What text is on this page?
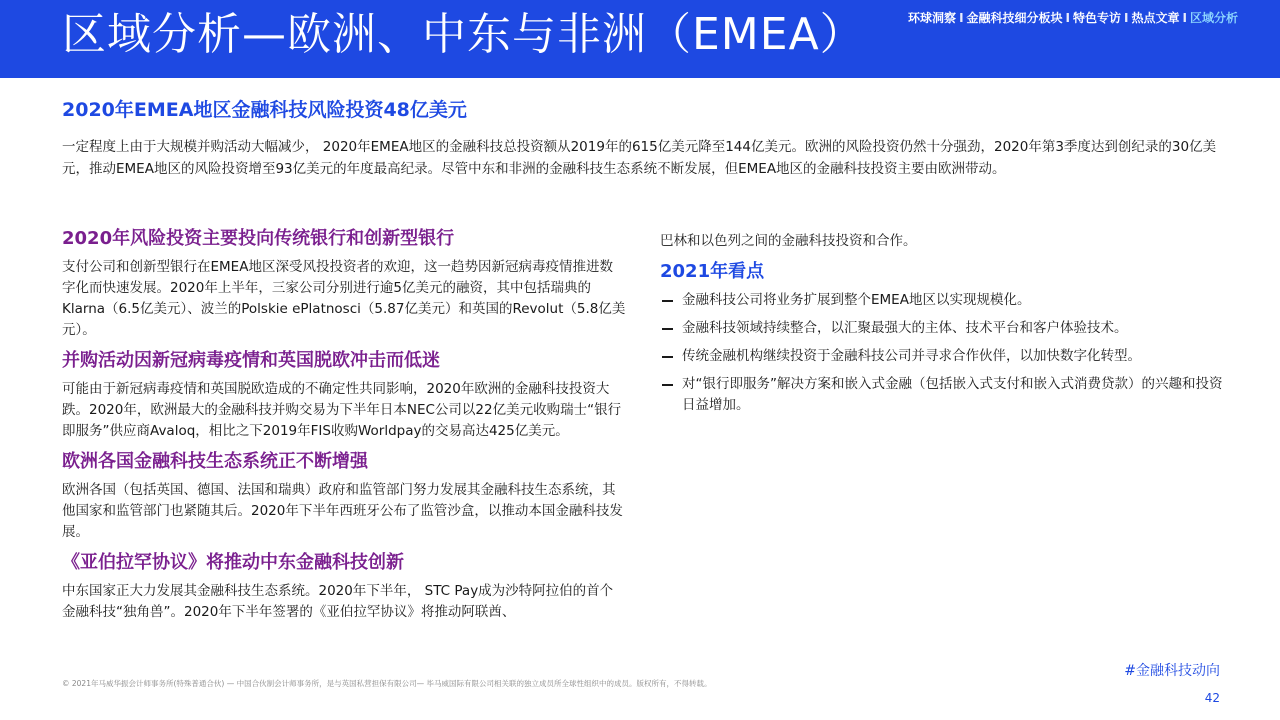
区域分析—欧洲、中东与非洲（EMEA）	环球洞察 I 金融科技细分板块 I 特色专访 I 热点文章 I 区域分析
2020年EMEA地区金融科技风险投资48亿美元
一定程度上由于大规模并购活动大幅减少， 2020年EMEA地区的金融科技总投资额从2019年的615亿美元降至144亿美元。欧洲的风险投资仍然十分强劲，2020年第3季度达到创纪录的30亿美元，推动EMEA地区的风险投资增至93亿美元的年度最高纪录。尽管中东和非洲的金融科技生态系统不断发展，但EMEA地区的金融科技投资主要由欧洲带动。
2020年风险投资主要投向传统银行和创新型银行

支付公司和创新型银行在EMEA地区深受风投投资者的欢迎，这一趋势因新冠病毒疫情推进数字化而快速发展。2020年上半年，三家公司分别进行逾5亿美元的融资，其中包括瑞典的Klarna（6.5亿美元）、波兰的Polskie ePlatnosci（5.87亿美元）和英国的Revolut（5.8亿美元）。

并购活动因新冠病毒疫情和英国脱欧冲击而低迷

可能由于新冠病毒疫情和英国脱欧造成的不确定性共同影响，2020年欧洲的金融科技投资大跌。2020年，欧洲最大的金融科技并购交易为下半年日本NEC公司以22亿美元收购瑞士“银行即服务”供应商Avaloq，相比之下2019年FIS收购Worldpay的交易高达425亿美元。

欧洲各国金融科技生态系统正不断增强

欧洲各国（包括英国、德国、法国和瑞典）政府和监管部门努力发展其金融科技生态系统，其他国家和监管部门也紧随其后。2020年下半年西班牙公布了监管沙盒，以推动本国金融科技发展。

《亚伯拉罕协议》将推动中东金融科技创新

中东国家正大力发展其金融科技生态系统。2020年下半年， STC Pay成为沙特阿拉伯的首个金融科技“独角兽”。2020年下半年签署的《亚伯拉罕协议》将推动阿联酋、

巴林和以色列之间的金融科技投资和合作。

2021年看点
金融科技公司将业务扩展到整个EMEA地区以实现规模化。
金融科技领域持续整合，以汇聚最强大的主体、技术平台和客户体验技术。
传统金融机构继续投资于金融科技公司并寻求合作伙伴，以加快数字化转型。
对“银行即服务”解决方案和嵌入式金融（包括嵌入式支付和嵌入式消费贷款）的兴趣和投资日益增加。
© 2021年马威华振会计师事务所(特殊普通合伙) — 中国合伙制会计师事务所，是与英国私营担保有限公司— 毕马威国际有限公司相关联的独立成员所全球性组织中的成员。版权所有，不得转载。
#金融科技动向
42
